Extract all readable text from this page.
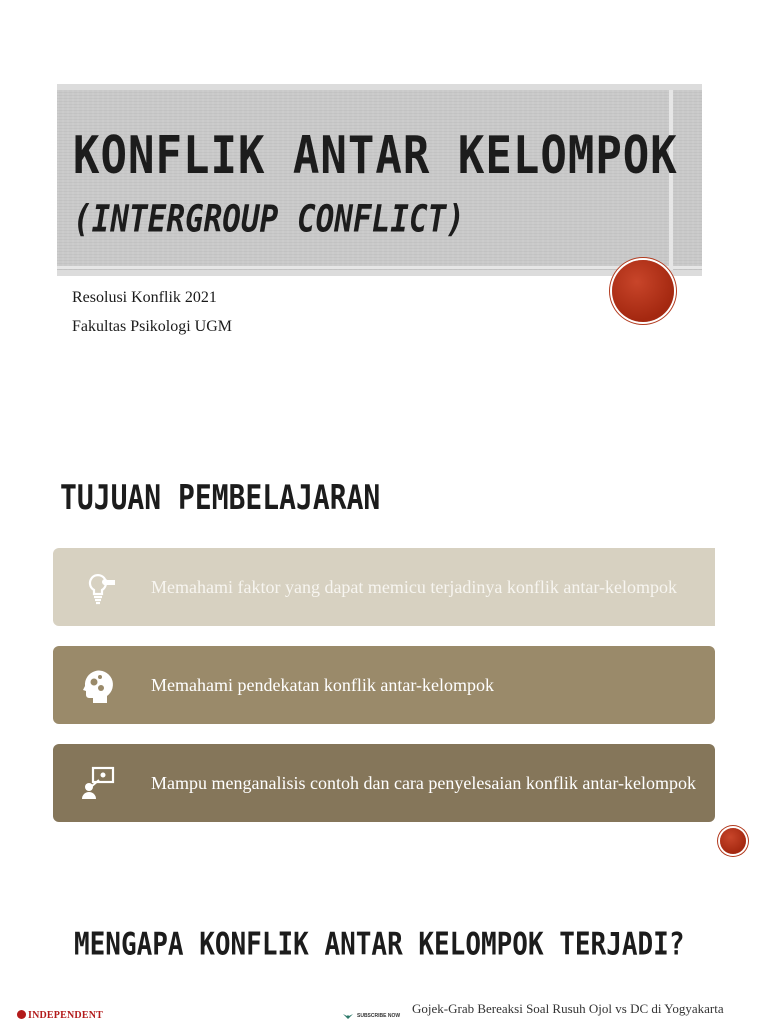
KONFLIK ANTAR KELOMPOK
(INTERGROUP CONFLICT)
Resolusi Konflik 2021
Fakultas Psikologi UGM
TUJUAN PEMBELAJARAN
Memahami faktor yang dapat memicu terjadinya konflik antar-kelompok
Memahami pendekatan konflik antar-kelompok
Mampu menganalisis contoh dan cara penyelesaian konflik antar-kelompok
MENGAPA KONFLIK ANTAR KELOMPOK TERJADI?
INDEPENDENT	SUBSCRIBE NOW Gojek-Grab Bereaksi Soal Rusuh Ojol vs DC di Yogyakarta
